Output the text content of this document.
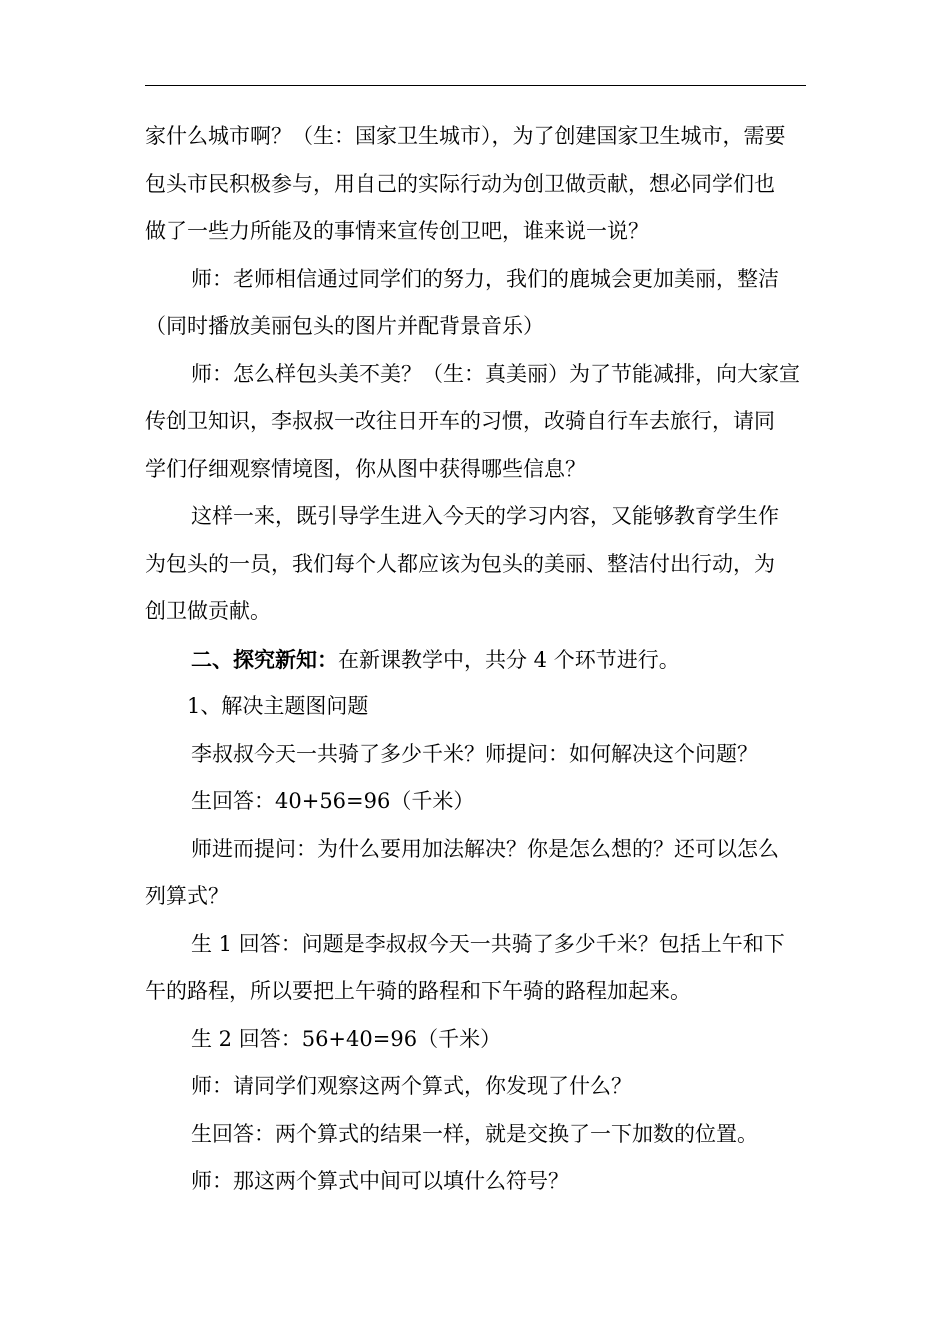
家什么城市啊？（生：国家卫生城市），为了创建国家卫生城市，需要
包头市民积极参与，用自己的实际行动为创卫做贡献，想必同学们也
做了一些力所能及的事情来宣传创卫吧，谁来说一说？
师：老师相信通过同学们的努力，我们的鹿城会更加美丽，整洁
（同时播放美丽包头的图片并配背景音乐）
师：怎么样包头美不美？（生：真美丽）为了节能减排，向大家宣
传创卫知识，李叔叔一改往日开车的习惯，改骑自行车去旅行，请同
学们仔细观察情境图，你从图中获得哪些信息？
这样一来，既引导学生进入今天的学习内容，又能够教育学生作
为包头的一员，我们每个人都应该为包头的美丽、整洁付出行动，为
创卫做贡献。
二、探究新知：在新课教学中，共分 4 个环节进行。
1、解决主题图问题
李叔叔今天一共骑了多少千米？师提问：如何解决这个问题？
生回答：40+56=96（千米）
师进而提问：为什么要用加法解决？你是怎么想的？还可以怎么
列算式？
生 1 回答：问题是李叔叔今天一共骑了多少千米？包括上午和下
午的路程，所以要把上午骑的路程和下午骑的路程加起来。
生 2 回答：56+40=96（千米）
师：请同学们观察这两个算式，你发现了什么？
生回答：两个算式的结果一样，就是交换了一下加数的位置。
师：那这两个算式中间可以填什么符号？
